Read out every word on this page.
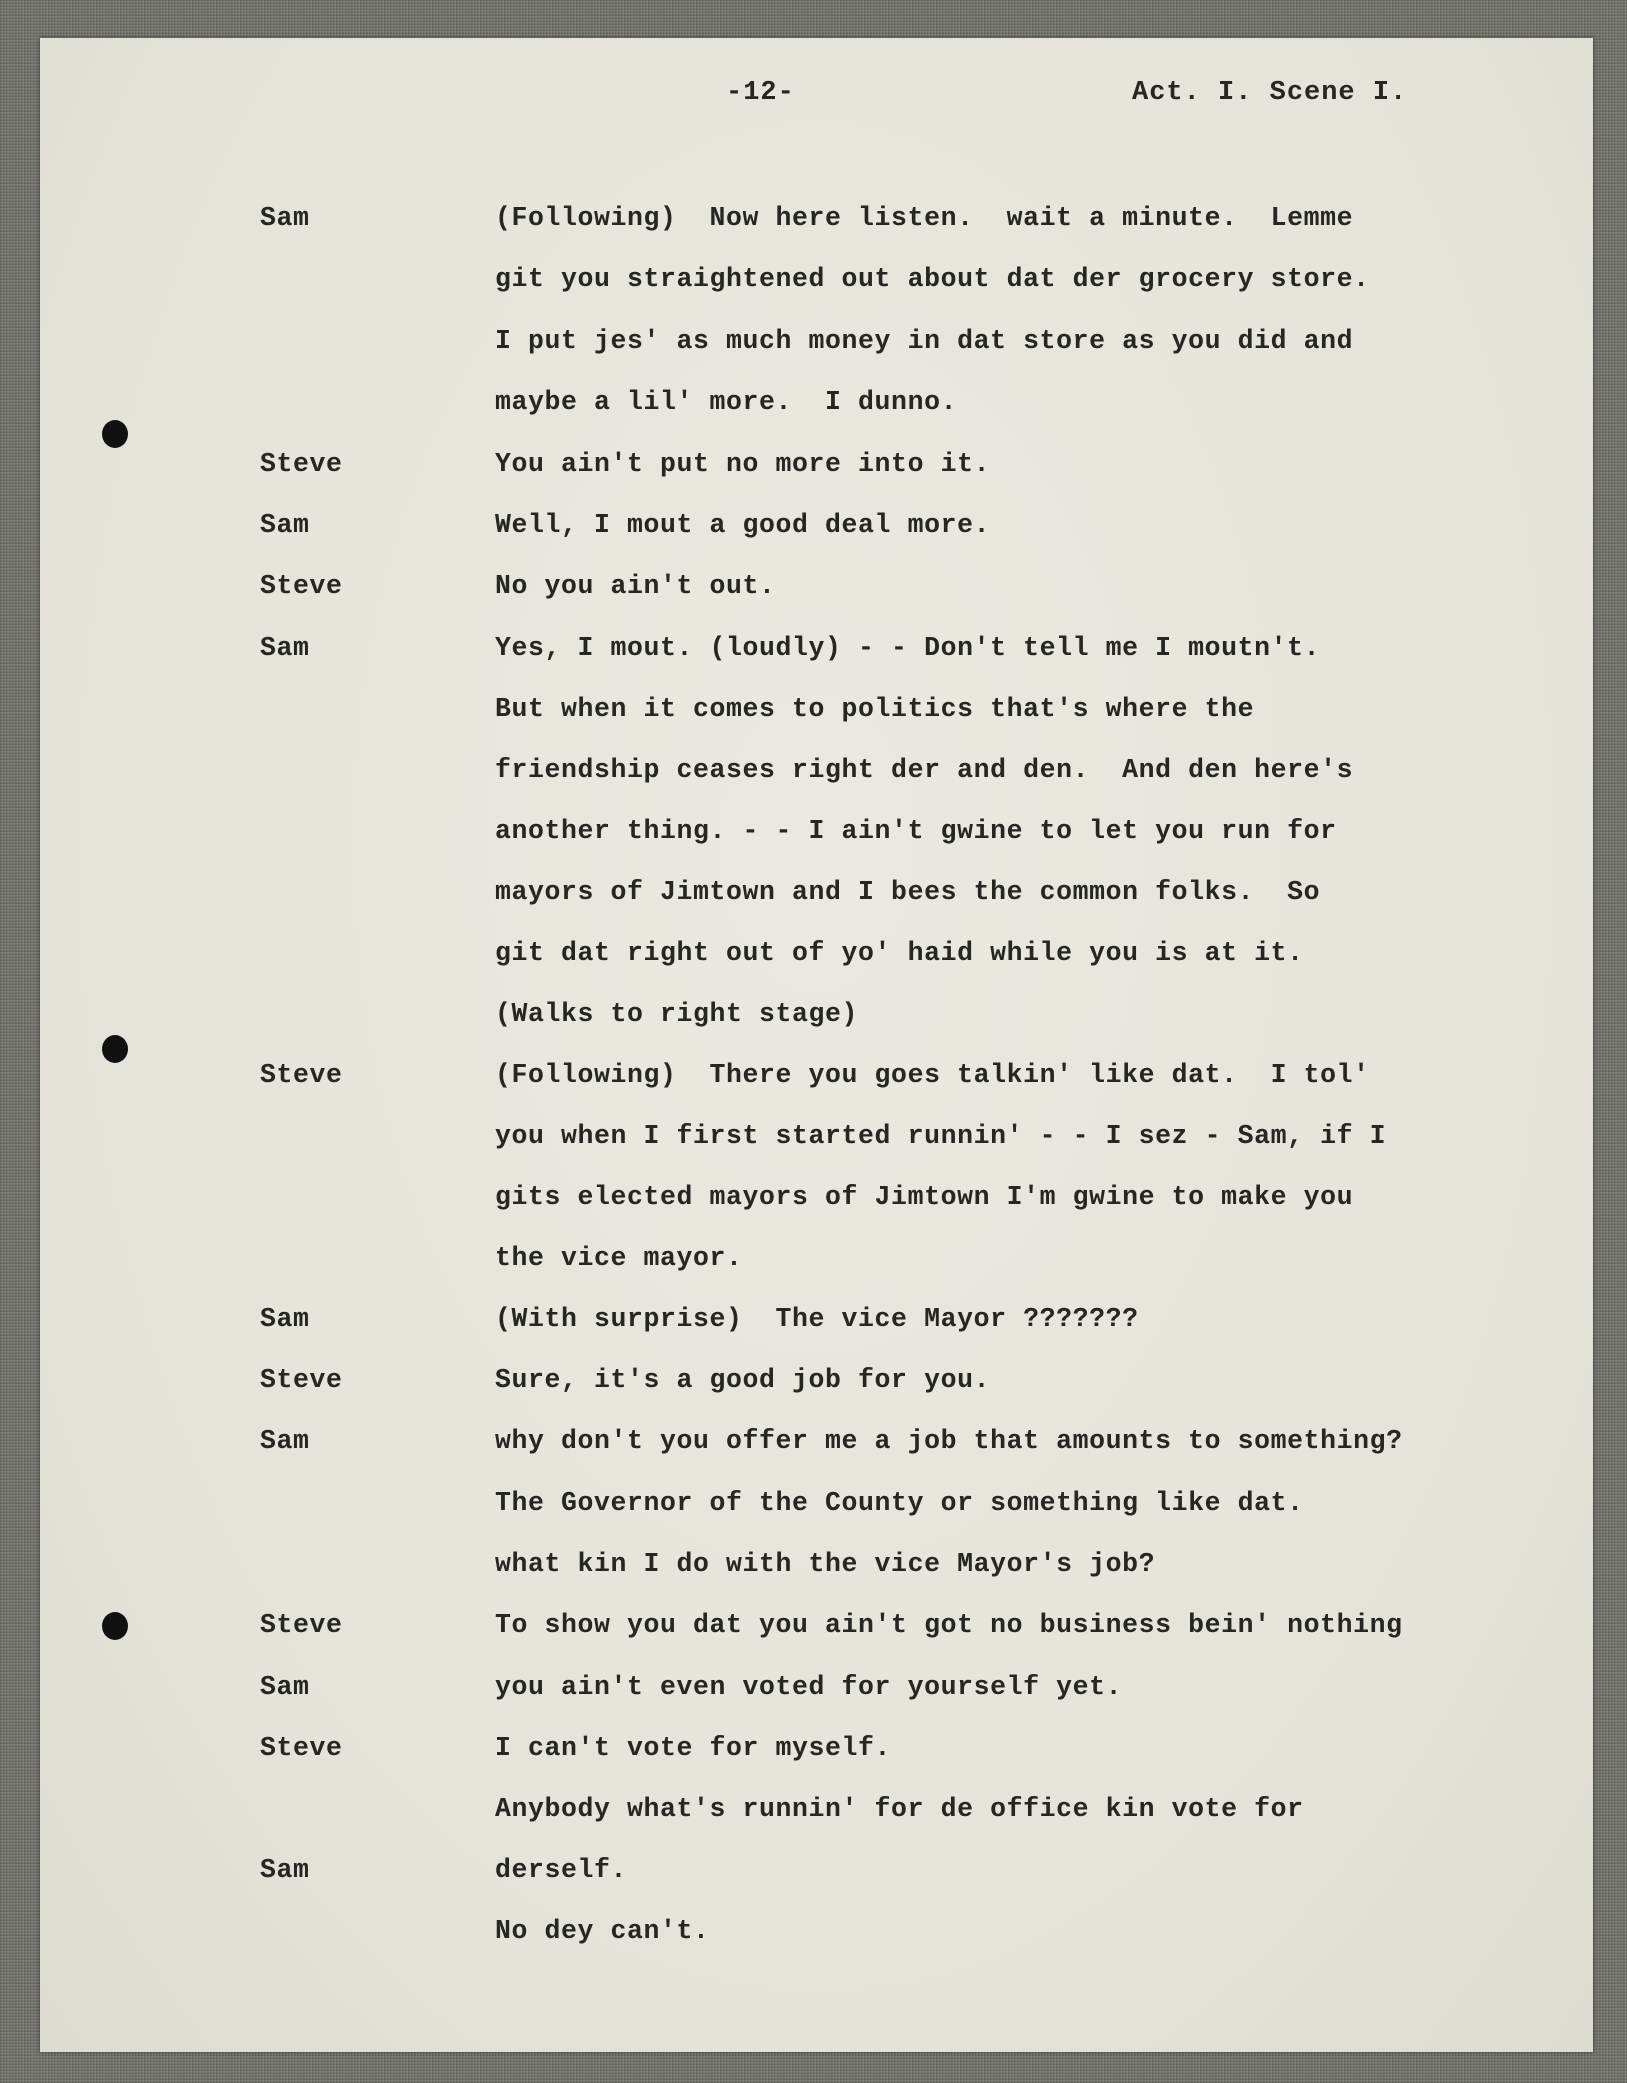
-12-	Act. I. Scene I.
Sam
Steve
Sam
Steve
Sam
Steve
Sam
Steve
Sam
Steve
Sam
Steve
Sam
(Following)  Now here listen.  wait a minute.  Lemme
git you straightened out about dat der grocery store.
I put jes' as much money in dat store as you did and
maybe a lil' more.  I dunno.
You ain't put no more into it.
Well, I mout a good deal more.
No you ain't out.
Yes, I mout. (loudly) - - Don't tell me I moutn't.
But when it comes to politics that's where the
friendship ceases right der and den.  And den here's
another thing. - - I ain't gwine to let you run for
mayors of Jimtown and I bees the common folks.  So
git dat right out of yo' haid while you is at it.
(Walks to right stage)
(Following)  There you goes talkin' like dat.  I tol'
you when I first started runnin' - - I sez - Sam, if I
gits elected mayors of Jimtown I'm gwine to make you
the vice mayor.
(With surprise)  The vice Mayor ???????
Sure, it's a good job for you.
why don't you offer me a job that amounts to something?
The Governor of the County or something like dat.
what kin I do with the vice Mayor's job?
To show you dat you ain't got no business bein' nothing
you ain't even voted for yourself yet.
I can't vote for myself.
Anybody what's runnin' for de office kin vote for
derself.
No dey can't.
